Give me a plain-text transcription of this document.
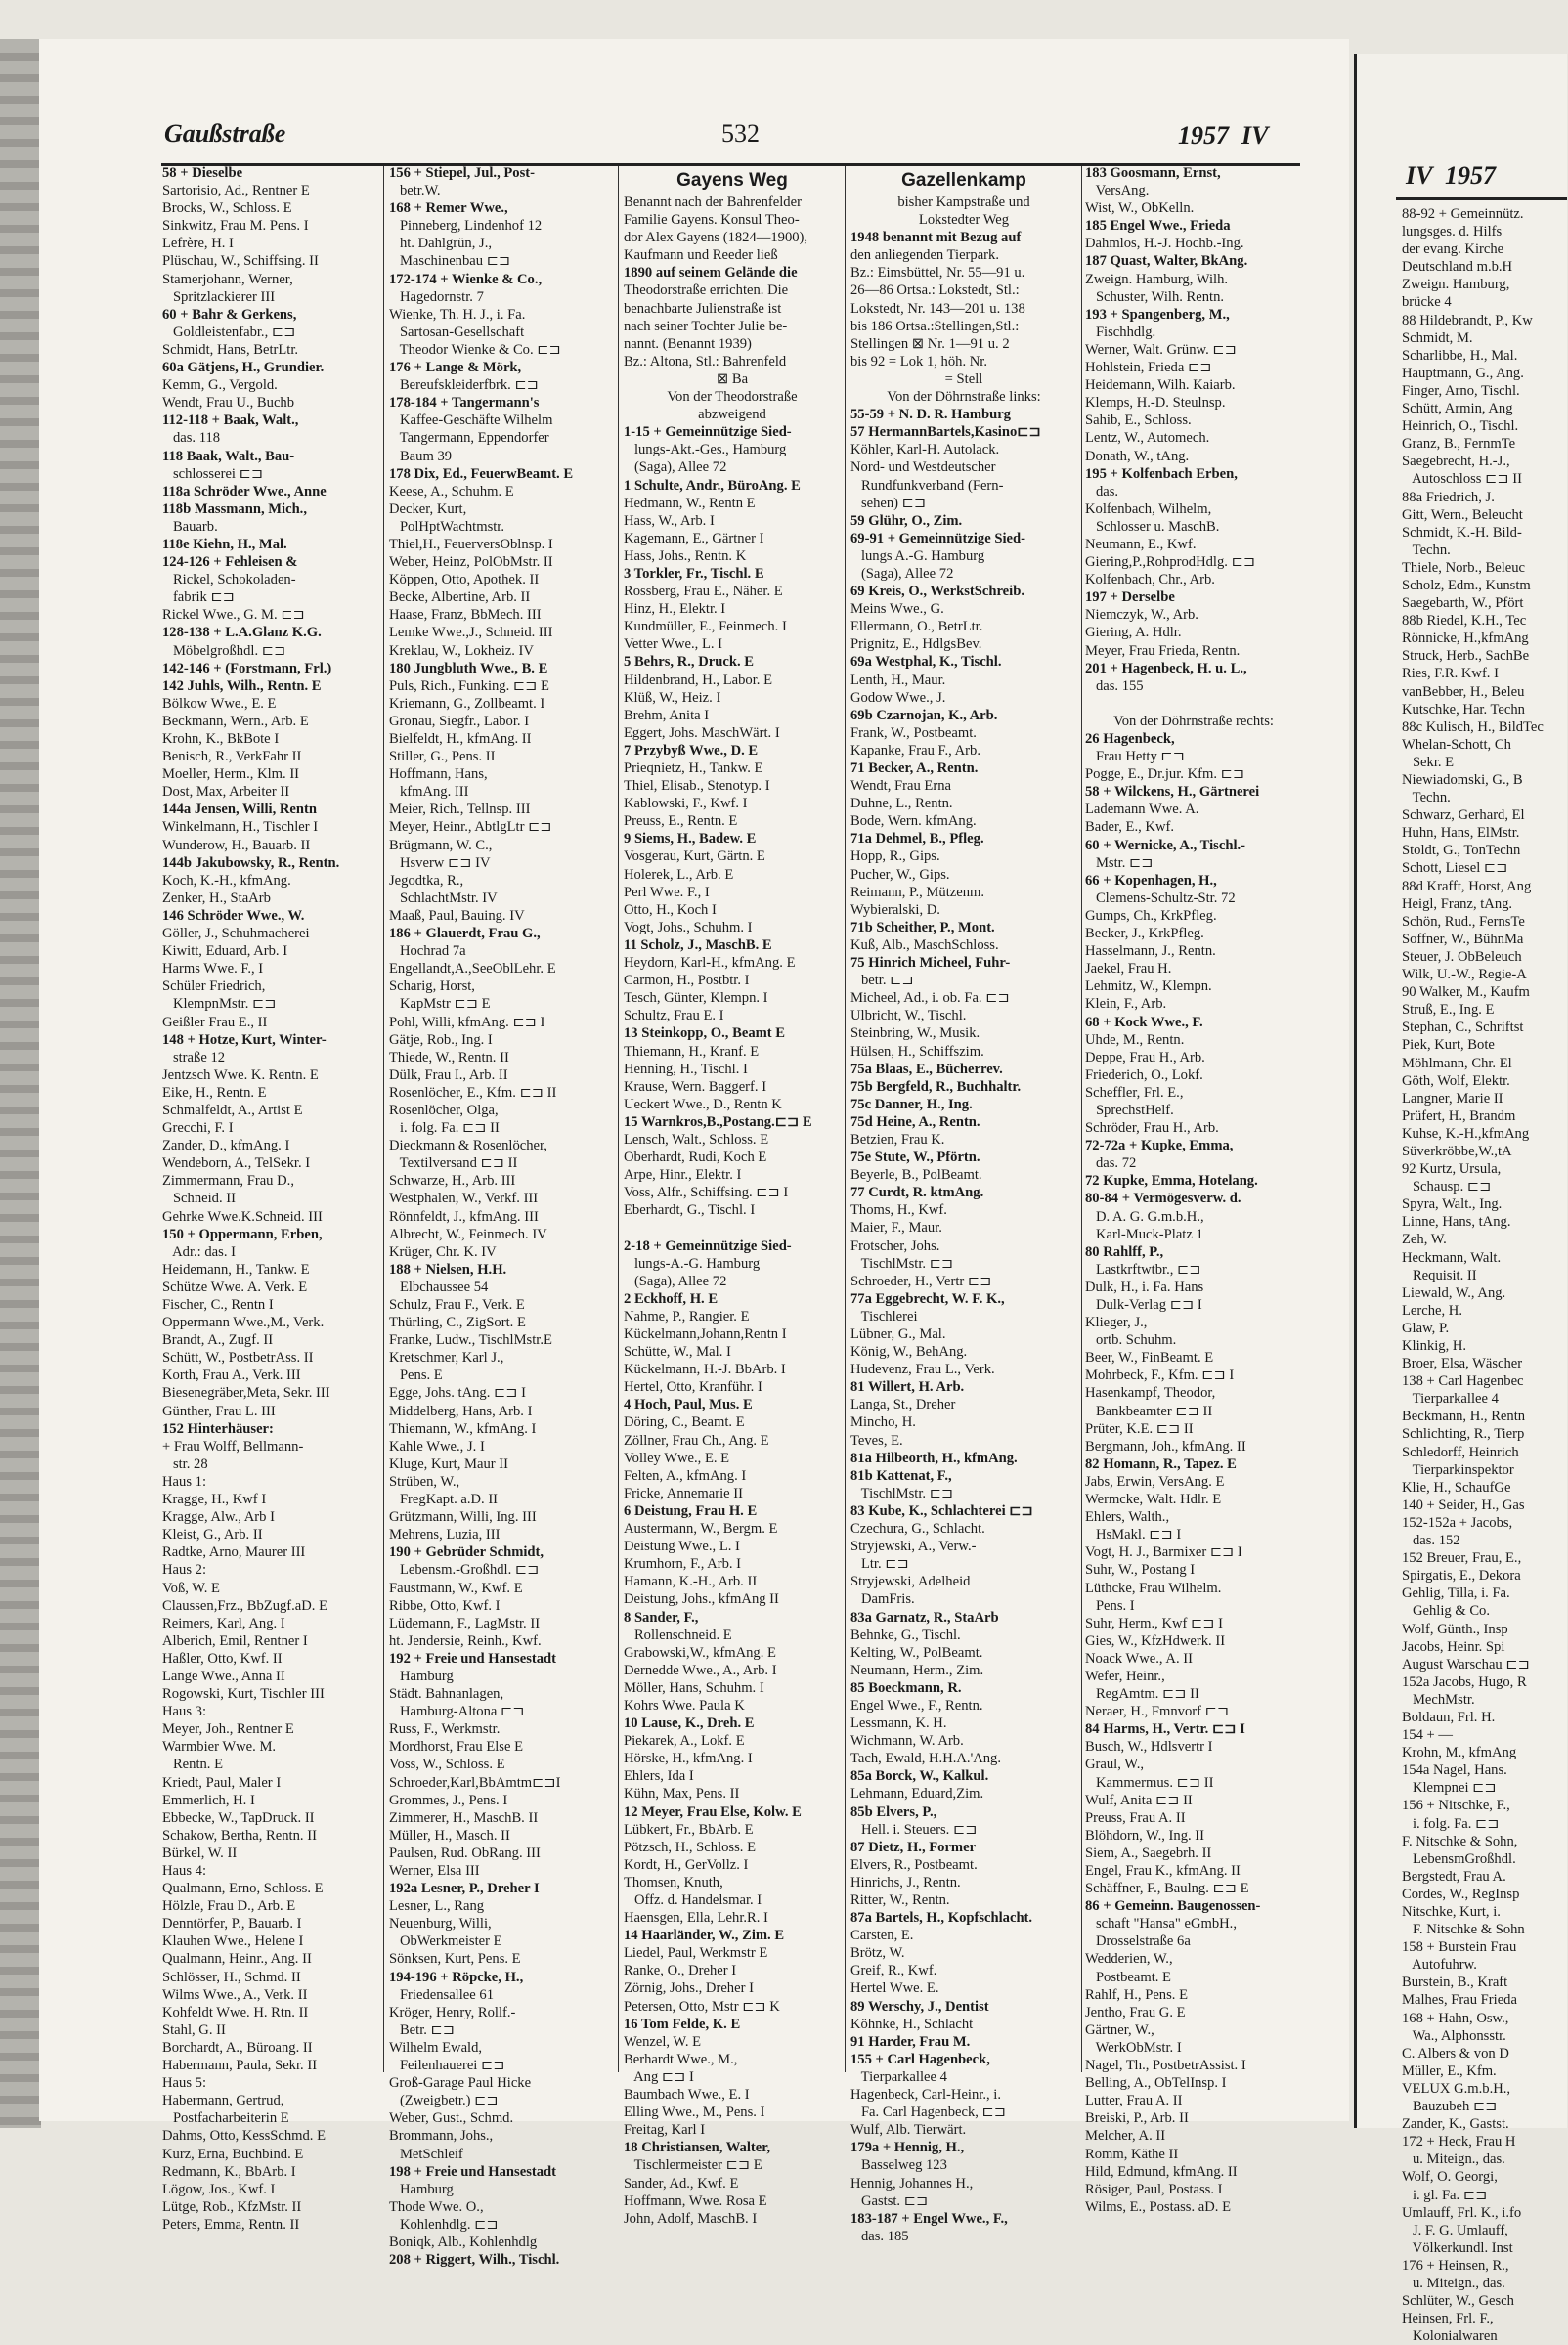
Gaußstraße	532	1957  IV

58 + Dieselbe

Sartorisio, Ad., Rentner E

Brocks, W., Schloss. E

Sinkwitz, Frau M. Pens. I

Lefrère, H. I

Plüschau, W., Schiffsing. II

Stamerjohann, Werner,

Spritzlackierer III

60 + Bahr & Gerkens,

Goldleistenfabr., ⊏⊐

Schmidt, Hans, BetrLtr.

60a Gätjens, H., Grundier.

Kemm, G., Vergold.

Wendt, Frau U., Buchb

112-118 + Baak, Walt.,

das. 118

118 Baak, Walt., Bau-

schlosserei ⊏⊐

118a Schröder Wwe., Anne

118b Massmann, Mich.,

Bauarb.

118e Kiehn, H., Mal.

124-126 + Fehleisen &

Rickel, Schokoladen-

fabrik ⊏⊐

Rickel Wwe., G. M. ⊏⊐

128-138 + L.A.Glanz K.G.

Möbelgroßhdl. ⊏⊐

142-146 + (Forstmann, Frl.)

142 Juhls, Wilh., Rentn. E

Bölkow Wwe., E. E

Beckmann, Wern., Arb. E

Krohn, K., BkBote I

Benisch, R., VerkFahr II

Moeller, Herm., Klm. II

Dost, Max, Arbeiter II

144a Jensen, Willi, Rentn

Winkelmann, H., Tischler I

Wunderow, H., Bauarb. II

144b Jakubowsky, R., Rentn.

Koch, K.-H., kfmAng.

Zenker, H., StaArb

146 Schröder Wwe., W.

Göller, J., Schuhmacherei

Kiwitt, Eduard, Arb. I

Harms Wwe. F., I

Schüler Friedrich,

KlempnMstr. ⊏⊐

Geißler Frau E., II

148 + Hotze, Kurt, Winter-

straße 12

Jentzsch Wwe. K. Rentn. E

Eike, H., Rentn. E

Schmalfeldt, A., Artist E

Grecchi, F. I

Zander, D., kfmAng. I

Wendeborn, A., TelSekr. I

Zimmermann, Frau D.,

Schneid. II

Gehrke Wwe.K.Schneid. III

150 + Oppermann, Erben,

Adr.: das. I

Heidemann, H., Tankw. E

Schütze Wwe. A. Verk. E

Fischer, C., Rentn I

Oppermann Wwe.,M., Verk.

Brandt, A., Zugf. II

Schütt, W., PostbetrAss. II

Korth, Frau A., Verk. III

Biesenegräber,Meta, Sekr. III

Günther, Frau L. III

152 Hinterhäuser:

+ Frau Wolff, Bellmann-

str. 28

Haus 1:

Kragge, H., Kwf I

Kragge, Alw., Arb I

Kleist, G., Arb. II

Radtke, Arno, Maurer III

Haus 2:

Voß, W. E

Claussen,Frz., BbZugf.aD. E

Reimers, Karl, Ang. I

Alberich, Emil, Rentner I

Haßler, Otto, Kwf. II

Lange Wwe., Anna II

Rogowski, Kurt, Tischler III

Haus 3:

Meyer, Joh., Rentner E

Warmbier Wwe. M.

Rentn. E

Kriedt, Paul, Maler I

Emmerlich, H. I

Ebbecke, W., TapDruck. II

Schakow, Bertha, Rentn. II

Bürkel, W. II

Haus 4:

Qualmann, Erno, Schloss. E

Hölzle, Frau D., Arb. E

Denntörfer, P., Bauarb. I

Klauhen Wwe., Helene I

Qualmann, Heinr., Ang. II

Schlösser, H., Schmd. II

Wilms Wwe., A., Verk. II

Kohfeldt Wwe. H. Rtn. II

Stahl, G. II

Borchardt, A., Büroang. II

Habermann, Paula, Sekr. II

Haus 5:

Habermann, Gertrud,

Postfacharbeiterin E

Dahms, Otto, KessSchmd. E

Kurz, Erna, Buchbind. E

Redmann, K., BbArb. I

Lögow, Jos., Kwf. I

Lütge, Rob., KfzMstr. II

Peters, Emma, Rentn. II

156 + Stiepel, Jul., Post-

betr.W.

168 + Remer Wwe.,

Pinneberg, Lindenhof 12

ht. Dahlgrün, J.,

Maschinenbau ⊏⊐

172-174 + Wienke & Co.,

Hagedornstr. 7

Wienke, Th. H. J., i. Fa.

Sartosan-Gesellschaft

Theodor Wienke & Co. ⊏⊐

176 + Lange & Mörk,

Bereufskleiderfbrk. ⊏⊐

178-184 + Tangermann's

Kaffee-Geschäfte Wilhelm

Tangermann, Eppendorfer

Baum 39

178 Dix, Ed., FeuerwBeamt. E

Keese, A., Schuhm. E

Decker, Kurt,

PolHptWachtmstr.

Thiel,H., FeuerversOblnsp. I

Weber, Heinz, PolObMstr. II

Köppen, Otto, Apothek. II

Becke, Albertine, Arb. II

Haase, Franz, BbMech. III

Lemke Wwe.,J., Schneid. III

Kreklau, W., Lokheiz. IV

180 Jungbluth Wwe., B. E

Puls, Rich., Funking. ⊏⊐ E

Kriemann, G., Zollbeamt. I

Gronau, Siegfr., Labor. I

Bielfeldt, H., kfmAng. II

Stiller, G., Pens. II

Hoffmann, Hans,

kfmAng. III

Meier, Rich., Tellnsp. III

Meyer, Heinr., AbtlgLtr ⊏⊐

Brügmann, W. C.,

Hsverw ⊏⊐ IV

Jegodtka, R.,

SchlachtMstr. IV

Maaß, Paul, Bauing. IV

186 + Glauerdt, Frau G.,

Hochrad 7a

Engellandt,A.,SeeOblLehr. E

Scharig, Horst,

KapMstr ⊏⊐ E

Pohl, Willi, kfmAng. ⊏⊐ I

Gätje, Rob., Ing. I

Thiede, W., Rentn. II

Dülk, Frau I., Arb. II

Rosenlöcher, E., Kfm. ⊏⊐ II

Rosenlöcher, Olga,

i. folg. Fa. ⊏⊐ II

Dieckmann & Rosenlöcher,

Textilversand ⊏⊐ II

Schwarze, H., Arb. III

Westphalen, W., Verkf. III

Rönnfeldt, J., kfmAng. III

Albrecht, W., Feinmech. IV

Krüger, Chr. K. IV

188 + Nielsen, H.H.

Elbchaussee 54

Schulz, Frau F., Verk. E

Thürling, C., ZigSort. E

Franke, Ludw., TischlMstr.E

Kretschmer, Karl J.,

Pens. E

Egge, Johs. tAng. ⊏⊐ I

Middelberg, Hans, Arb. I

Thiemann, W., kfmAng. I

Kahle Wwe., J. I

Kluge, Kurt, Maur II

Strüben, W.,

FregKapt. a.D. II

Grützmann, Willi, Ing. III

Mehrens, Luzia, III

190 + Gebrüder Schmidt,

Lebensm.-Großhdl. ⊏⊐

Faustmann, W., Kwf. E

Ribbe, Otto, Kwf. I

Lüdemann, F., LagMstr. II

ht. Jendersie, Reinh., Kwf.

192 + Freie und Hansestadt

Hamburg

Städt. Bahnanlagen,

Hamburg-Altona ⊏⊐

Russ, F., Werkmstr.

Mordhorst, Frau Else E

Voss, W., Schloss. E

Schroeder,Karl,BbAmtm⊏⊐I

Grommes, J., Pens. I

Zimmerer, H., MaschB. II

Müller, H., Masch. II

Paulsen, Rud. ObRang. III

Werner, Elsa III

192a Lesner, P., Dreher I

Lesner, L., Rang

Neuenburg, Willi,

ObWerkmeister E

Sönksen, Kurt, Pens. E

194-196 + Röpcke, H.,

Friedensallee 61

Kröger, Henry, Rollf.-

Betr. ⊏⊐

Wilhelm Ewald,

Feilenhauerei ⊏⊐

Groß-Garage Paul Hicke

(Zweigbetr.) ⊏⊐

Weber, Gust., Schmd.

Brommann, Johs.,

MetSchleif

198 + Freie und Hansestadt

Hamburg

Thode Wwe. O.,

Kohlenhdlg. ⊏⊐

Boniqk, Alb., Kohlenhdlg

208 + Riggert, Wilh., Tischl.

Gayens Weg

Benannt nach der Bahrenfelder

Familie Gayens. Konsul Theo-

dor Alex Gayens (1824—1900),

Kaufmann und Reeder ließ

1890 auf seinem Gelände die

Theodorstraße errichten. Die

benachbarte Julienstraße ist

nach seiner Tochter Julie be-

nannt. (Benannt 1939)

Bz.: Altona, Stl.: Bahrenfeld

⊠ Ba

Von der Theodorstraße

abzweigend

1-15 + Gemeinnützige Sied-

lungs-Akt.-Ges., Hamburg

(Saga), Allee 72

1 Schulte, Andr., BüroAng. E

Hedmann, W., Rentn E

Hass, W., Arb. I

Kagemann, E., Gärtner I

Hass, Johs., Rentn. K

3 Torkler, Fr., Tischl. E

Rossberg, Frau E., Näher. E

Hinz, H., Elektr. I

Kundmüller, E., Feinmech. I

Vetter Wwe., L. I

5 Behrs, R., Druck. E

Hildenbrand, H., Labor. E

Klüß, W., Heiz. I

Brehm, Anita I

Eggert, Johs. MaschWärt. I

7 Przybyß Wwe., D. E

Prieqnietz, H., Tankw. E

Thiel, Elisab., Stenotyp. I

Kablowski, F., Kwf. I

Preuss, E., Rentn. E

9 Siems, H., Badew. E

Vosgerau, Kurt, Gärtn. E

Holerek, L., Arb. E

Perl Wwe. F., I

Otto, H., Koch I

Vogt, Johs., Schuhm. I

11 Scholz, J., MaschB. E

Heydorn, Karl-H., kfmAng. E

Carmon, H., Postbtr. I

Tesch, Günter, Klempn. I

Schultz, Frau E. I

13 Steinkopp, O., Beamt E

Thiemann, H., Kranf. E

Henning, H., Tischl. I

Krause, Wern. Baggerf. I

Ueckert Wwe., D., Rentn K

15 Warnkros,B.,Postang.⊏⊐ E

Lensch, Walt., Schloss. E

Oberhardt, Rudi, Koch E

Arpe, Hinr., Elektr. I

Voss, Alfr., Schiffsing. ⊏⊐ I

Eberhardt, G., Tischl. I

2-18 + Gemeinnützige Sied-

lungs-A.-G. Hamburg

(Saga), Allee 72

2 Eckhoff, H. E

Nahme, P., Rangier. E

Kückelmann,Johann,Rentn I

Schütte, W., Mal. I

Kückelmann, H.-J. BbArb. I

Hertel, Otto, Kranführ. I

4 Hoch, Paul, Mus. E

Döring, C., Beamt. E

Zöllner, Frau Ch., Ang. E

Volley Wwe., E. E

Felten, A., kfmAng. I

Fricke, Annemarie II

6 Deistung, Frau H. E

Austermann, W., Bergm. E

Deistung Wwe., L. I

Krumhorn, F., Arb. I

Hamann, K.-H., Arb. II

Deistung, Johs., kfmAng II

8 Sander, F.,

Rollenschneid. E

Grabowski,W., kfmAng. E

Dernedde Wwe., A., Arb. I

Möller, Hans, Schuhm. I

Kohrs Wwe. Paula K

10 Lause, K., Dreh. E

Piekarek, A., Lokf. E

Hörske, H., kfmAng. I

Ehlers, Ida I

Kühn, Max, Pens. II

12 Meyer, Frau Else, Kolw. E

Lübkert, Fr., BbArb. E

Pötzsch, H., Schloss. E

Kordt, H., GerVollz. I

Thomsen, Knuth,

Offz. d. Handelsmar. I

Haensgen, Ella, Lehr.R. I

14 Haarländer, W., Zim. E

Liedel, Paul, Werkmstr E

Ranke, O., Dreher I

Zörnig, Johs., Dreher I

Petersen, Otto, Mstr ⊏⊐ K

16 Tom Felde, K. E

Wenzel, W. E

Berhardt Wwe., M.,

Ang ⊏⊐ I

Baumbach Wwe., E. I

Elling Wwe., M., Pens. I

Freitag, Karl I

18 Christiansen, Walter,

Tischlermeister ⊏⊐ E

Sander, Ad., Kwf. E

Hoffmann, Wwe. Rosa E

John, Adolf, MaschB. I

Gazellenkamp

bisher Kampstraße und

Lokstedter Weg

1948 benannt mit Bezug auf

den anliegenden Tierpark.

Bz.: Eimsbüttel, Nr. 55—91 u.

26—86 Ortsa.: Lokstedt, Stl.:

Lokstedt, Nr. 143—201 u. 138

bis 186 Ortsa.:Stellingen,Stl.:

Stellingen ⊠ Nr. 1—91 u. 2

bis 92 = Lok 1, höh. Nr.

= Stell

Von der Döhrnstraße links:

55-59 + N. D. R. Hamburg

57 HermannBartels,Kasino⊏⊐

Köhler, Karl-H. Autolack.

Nord- und Westdeutscher

Rundfunkverband (Fern-

sehen) ⊏⊐

59 Glühr, O., Zim.

69-91 + Gemeinnützige Sied-

lungs A.-G. Hamburg

(Saga), Allee 72

69 Kreis, O., WerkstSchreib.

Meins Wwe., G.

Ellermann, O., BetrLtr.

Prignitz, E., HdlgsBev.

69a Westphal, K., Tischl.

Lenth, H., Maur.

Godow Wwe., J.

69b Czarnojan, K., Arb.

Frank, W., Postbeamt.

Kapanke, Frau F., Arb.

71 Becker, A., Rentn.

Wendt, Frau Erna

Duhne, L., Rentn.

Bode, Wern. kfmAng.

71a Dehmel, B., Pfleg.

Hopp, R., Gips.

Pucher, W., Gips.

Reimann, P., Mützenm.

Wybieralski, D.

71b Scheither, P., Mont.

Kuß, Alb., MaschSchloss.

75 Hinrich Micheel, Fuhr-

betr. ⊏⊐

Micheel, Ad., i. ob. Fa. ⊏⊐

Ulbricht, W., Tischl.

Steinbring, W., Musik.

Hülsen, H., Schiffszim.

75a Blaas, E., Bücherrev.

75b Bergfeld, R., Buchhaltr.

75c Danner, H., Ing.

75d Heine, A., Rentn.

Betzien, Frau K.

75e Stute, W., Pförtn.

Beyerle, B., PolBeamt.

77 Curdt, R. ktmAng.

Thoms, H., Kwf.

Maier, F., Maur.

Frotscher, Johs.

TischlMstr. ⊏⊐

Schroeder, H., Vertr ⊏⊐

77a Eggebrecht, W. F. K.,

Tischlerei

Lübner, G., Mal.

König, W., BehAng.

Hudevenz, Frau L., Verk.

81 Willert, H. Arb.

Langa, St., Dreher

Mincho, H.

Teves, E.

81a Hilbeorth, H., kfmAng.

81b Kattenat, F.,

TischlMstr. ⊏⊐

83 Kube, K., Schlachterei ⊏⊐

Czechura, G., Schlacht.

Stryjewski, A., Verw.-

Ltr. ⊏⊐

Stryjewski, Adelheid

DamFris.

83a Garnatz, R., StaArb

Behnke, G., Tischl.

Kelting, W., PolBeamt.

Neumann, Herm., Zim.

85 Boeckmann, R.

Engel Wwe., F., Rentn.

Lessmann, K. H.

Wichmann, W. Arb.

Tach, Ewald, H.H.A.'Ang.

85a Borck, W., Kalkul.

Lehmann, Eduard,Zim.

85b Elvers, P.,

Hell. i. Steuers. ⊏⊐

87 Dietz, H., Former

Elvers, R., Postbeamt.

Hinrichs, J., Rentn.

Ritter, W., Rentn.

87a Bartels, H., Kopfschlacht.

Carsten, E.

Brötz, W.

Greif, R., Kwf.

Hertel Wwe. E.

89 Werschy, J., Dentist

Köhnke, H., Schlacht

91 Harder, Frau M.

155 + Carl Hagenbeck,

Tierparkallee 4

Hagenbeck, Carl-Heinr., i.

Fa. Carl Hagenbeck, ⊏⊐

Wulf, Alb. Tierwärt.

179a + Hennig, H.,

Basselweg 123

Hennig, Johannes H.,

Gastst. ⊏⊐

183-187 + Engel Wwe., F.,

das. 185

183 Goosmann, Ernst,

VersAng.

Wist, W., ObKelln.

185 Engel Wwe., Frieda

Dahmlos, H.-J. Hochb.-Ing.

187 Quast, Walter, BkAng.

Zweign. Hamburg, Wilh.

Schuster, Wilh. Rentn.

193 + Spangenberg, M.,

Fischhdlg.

Werner, Walt. Grünw. ⊏⊐

Hohlstein, Frieda ⊏⊐

Heidemann, Wilh. Kaiarb.

Klemps, H.-D. Steulnsp.

Sahib, E., Schloss.

Lentz, W., Automech.

Donath, W., tAng.

195 + Kolfenbach Erben,

das.

Kolfenbach, Wilhelm,

Schlosser u. MaschB.

Neumann, E., Kwf.

Giering,P.,RohprodHdlg. ⊏⊐

Kolfenbach, Chr., Arb.

197 + Derselbe

Niemczyk, W., Arb.

Giering, A. Hdlr.

Meyer, Frau Frieda, Rentn.

201 + Hagenbeck, H. u. L.,

das. 155

Von der Döhrnstraße rechts:

26 Hagenbeck,

Frau Hetty ⊏⊐

Pogge, E., Dr.jur. Kfm. ⊏⊐

58 + Wilckens, H., Gärtnerei

Lademann Wwe. A.

Bader, E., Kwf.

60 + Wernicke, A., Tischl.-

Mstr. ⊏⊐

66 + Kopenhagen, H.,

Clemens-Schultz-Str. 72

Gumps, Ch., KrkPfleg.

Becker, J., KrkPfleg.

Hasselmann, J., Rentn.

Jaekel, Frau H.

Lehmitz, W., Klempn.

Klein, F., Arb.

68 + Kock Wwe., F.

Uhde, M., Rentn.

Deppe, Frau H., Arb.

Friederich, O., Lokf.

Scheffler, Frl. E.,

SprechstHelf.

Schröder, Frau H., Arb.

72-72a + Kupke, Emma,

das. 72

72 Kupke, Emma, Hotelang.

80-84 + Vermögesverw. d.

D. A. G. G.m.b.H.,

Karl-Muck-Platz 1

80 Rahlff, P.,

Lastkrftwtbr., ⊏⊐

Dulk, H., i. Fa. Hans

Dulk-Verlag ⊏⊐ I

Klieger, J.,

ortb. Schuhm.

Beer, W., FinBeamt. E

Mohrbeck, F., Kfm. ⊏⊐ I

Hasenkampf, Theodor,

Bankbeamter ⊏⊐ II

Prüter, K.E. ⊏⊐ II

Bergmann, Joh., kfmAng. II

82 Homann, R., Tapez. E

Jabs, Erwin, VersAng. E

Wermcke, Walt. Hdlr. E

Ehlers, Walth.,

HsMakl. ⊏⊐ I

Vogt, H. J., Barmixer ⊏⊐ I

Suhr, W., Postang I

Lüthcke, Frau Wilhelm.

Pens. I

Suhr, Herm., Kwf ⊏⊐ I

Gies, W., KfzHdwerk. II

Noack Wwe., A. II

Wefer, Heinr.,

RegAmtm. ⊏⊐ II

Neraer, H., Fmnvorf ⊏⊐

84 Harms, H., Vertr. ⊏⊐ I

Busch, W., Hdlsvertr I

Graul, W.,

Kammermus. ⊏⊐ II

Wulf, Anita ⊏⊐ II

Preuss, Frau A. II

Blöhdorn, W., Ing. II

Siem, A., Saegebrh. II

Engel, Frau K., kfmAng. II

Schäffner, F., Baulng. ⊏⊐ E

86 + Gemeinn. Baugenossen-

schaft "Hansa" eGmbH.,

Drosselstraße 6a

Wedderien, W.,

Postbeamt. E

Rahlf, H., Pens. E

Jentho, Frau G. E

Gärtner, W.,

WerkObMstr. I

Nagel, Th., PostbetrAssist. I

Belling, A., ObTelInsp. I

Lutter, Frau A. II

Breiski, P., Arb. II

Melcher, A. II

Romm, Käthe II

Hild, Edmund, kfmAng. II

Rösiger, Paul, Postass. I

Wilms, E., Postass. aD. E

IV  1957

88-92 + Gemeinnütz.

lungsges. d. Hilfs

der evang. Kirche

Deutschland m.b.H

Zweign. Hamburg,

brücke 4

88 Hildebrandt, P., Kw

Schmidt, M.

Scharlibbe, H., Mal.

Hauptmann, G., Ang.

Finger, Arno, Tischl.

Schütt, Armin, Ang

Heinrich, O., Tischl.

Granz, B., FernmTe

Saegebrecht, H.-J.,

Autoschloss ⊏⊐ II

88a Friedrich, J.

Gitt, Wern., Beleucht

Schmidt, K.-H. Bild-

Techn.

Thiele, Norb., Beleuc

Scholz, Edm., Kunstm

Saegebarth, W., Pfört

88b Riedel, K.H., Tec

Rönnicke, H.,kfmAng

Struck, Herb., SachBe

Ries, F.R. Kwf. I

vanBebber, H., Beleu

Kutschke, Har. Techn

88c Kulisch, H., BildTec

Whelan-Schott, Ch

Sekr. E

Niewiadomski, G., B

Techn.

Schwarz, Gerhard, El

Huhn, Hans, ElMstr.

Stoldt, G., TonTechn

Schott, Liesel ⊏⊐

88d Krafft, Horst, Ang

Heigl, Franz, tAng.

Schön, Rud., FernsTe

Soffner, W., BühnMa

Steuer, J. ObBeleuch

Wilk, U.-W., Regie-A

90 Walker, M., Kaufm

Struß, E., Ing. E

Stephan, C., Schriftst

Piek, Kurt, Bote

Möhlmann, Chr. El

Göth, Wolf, Elektr.

Langner, Marie II

Prüfert, H., Brandm

Kuhse, K.-H.,kfmAng

Süverkröbbe,W.,tA

92 Kurtz, Ursula,

Schausp. ⊏⊐

Spyra, Walt., Ing.

Linne, Hans, tAng.

Zeh, W.

Heckmann, Walt.

Requisit. II

Liewald, W., Ang.

Lerche, H.

Glaw, P.

Klinkig, H.

Broer, Elsa, Wäscher

138 + Carl Hagenbec

Tierparkallee 4

Beckmann, H., Rentn

Schlichting, R., Tierp

Schledorff, Heinrich

Tierparkinspektor

Klie, H., SchaufGe

140 + Seider, H., Gas

152-152a + Jacobs,

das. 152

152 Breuer, Frau, E.,

Spirgatis, E., Dekora

Gehlig, Tilla, i. Fa.

Gehlig & Co.

Wolf, Günth., Insp

Jacobs, Heinr. Spi

August Warschau ⊏⊐

152a Jacobs, Hugo, R

MechMstr.

Boldaun, Frl. H.

154 + —

Krohn, M., kfmAng

154a Nagel, Hans.

Klempnei ⊏⊐

156 + Nitschke, F.,

i. folg. Fa. ⊏⊐

F. Nitschke & Sohn,

LebensmGroßhdl.

Bergstedt, Frau A.

Cordes, W., RegInsp

Nitschke, Kurt, i.

F. Nitschke & Sohn

158 + Burstein Frau

Autofuhrw.

Burstein, B., Kraft

Malhes, Frau Frieda

168 + Hahn, Osw.,

Wa., Alphonsstr.

C. Albers & von D

Müller, E., Kfm.

VELUX G.m.b.H.,

Bauzubeh ⊏⊐

Zander, K., Gastst.

172 + Heck, Frau H

u. Miteign., das.

Wolf, O. Georgi,

i. gl. Fa. ⊏⊐

Umlauff, Frl. K., i.fo

J. F. G. Umlauff,

Völkerkundl. Inst

176 + Heinsen, R.,

u. Miteign., das.

Schlüter, W., Gesch

Heinsen, Frl. F.,

Kolonialwaren
